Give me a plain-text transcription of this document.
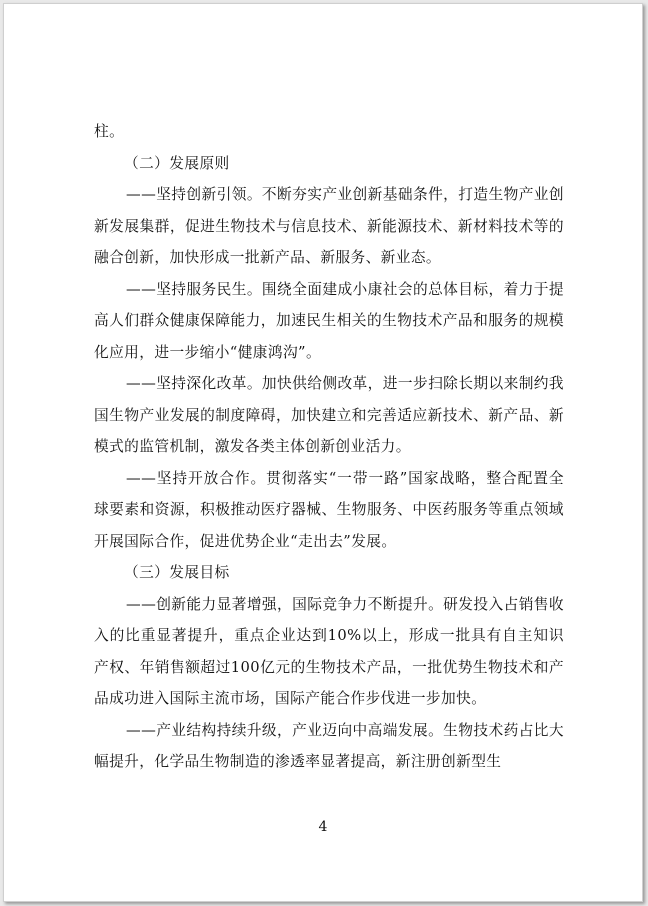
柱。

（二）发展原则

——坚持创新引领。不断夯实产业创新基础条件，打造生物产业创新发展集群，促进生物技术与信息技术、新能源技术、新材料技术等的融合创新，加快形成一批新产品、新服务、新业态。

——坚持服务民生。围绕全面建成小康社会的总体目标，着力于提高人们群众健康保障能力，加速民生相关的生物技术产品和服务的规模化应用，进一步缩小“健康鸿沟”。

——坚持深化改革。加快供给侧改革，进一步扫除长期以来制约我国生物产业发展的制度障碍，加快建立和完善适应新技术、新产品、新模式的监管机制，激发各类主体创新创业活力。

——坚持开放合作。贯彻落实“一带一路”国家战略，整合配置全球要素和资源，积极推动医疗器械、生物服务、中医药服务等重点领域开展国际合作，促进优势企业“走出去”发展。

（三）发展目标

——创新能力显著增强，国际竞争力不断提升。研发投入占销售收入的比重显著提升，重点企业达到10%以上，形成一批具有自主知识产权、年销售额超过100亿元的生物技术产品，一批优势生物技术和产品成功进入国际主流市场，国际产能合作步伐进一步加快。

——产业结构持续升级，产业迈向中高端发展。生物技术药占比大幅提升，化学品生物制造的渗透率显著提高，新注册创新型生

4
